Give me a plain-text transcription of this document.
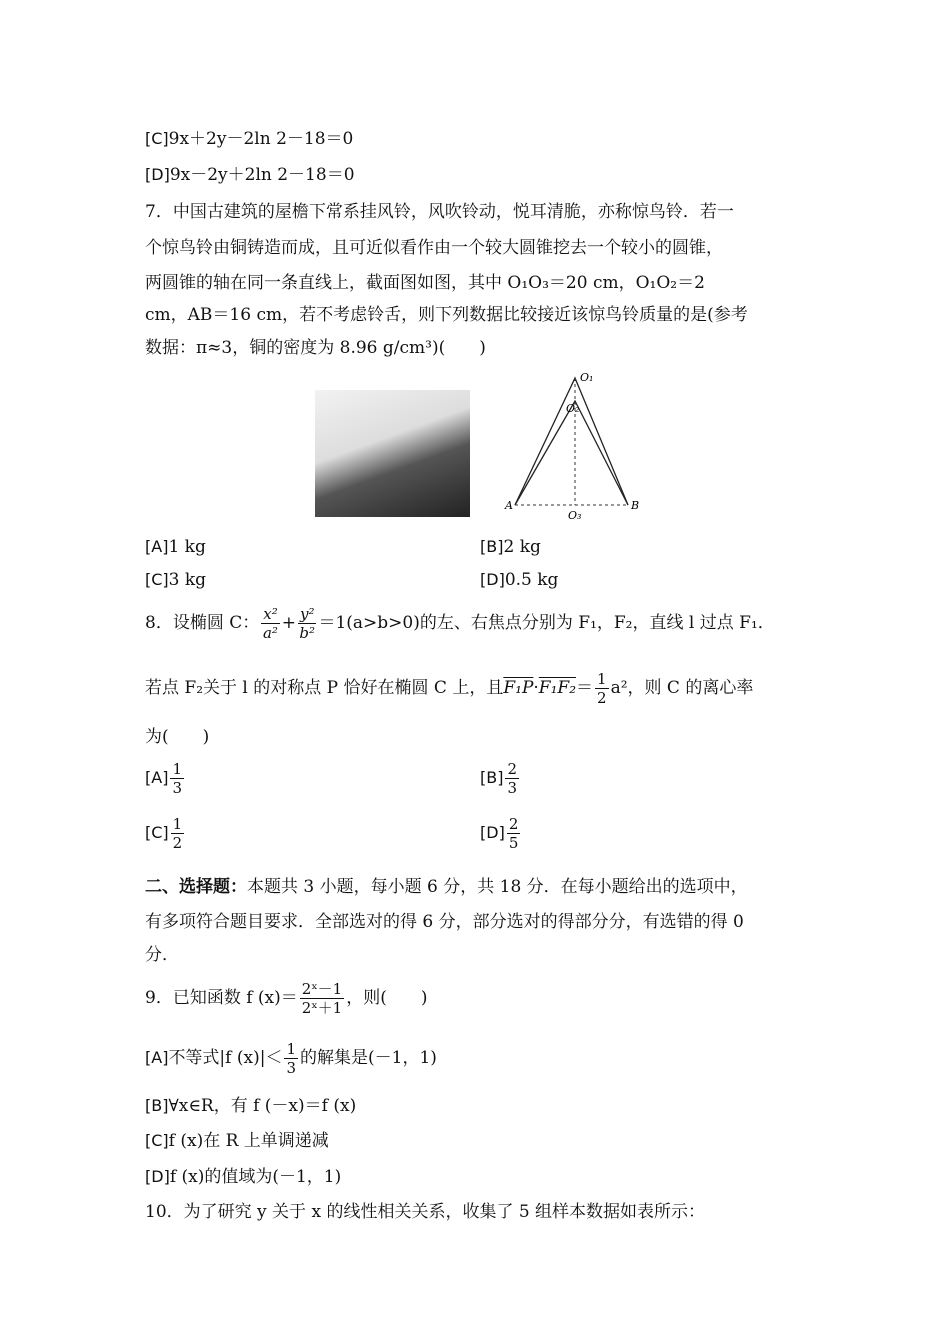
[C]9x＋2y－2ln 2－18＝0
[D]9x－2y＋2ln 2－18＝0
7．中国古建筑的屋檐下常系挂风铃，风吹铃动，悦耳清脆，亦称惊鸟铃．若一
个惊鸟铃由铜铸造而成，且可近似看作由一个较大圆锥挖去一个较小的圆锥，
两圆锥的轴在同一条直线上，截面图如图，其中 O₁O₃＝20 cm，O₁O₂＝2
cm，AB＝16 cm，若不考虑铃舌，则下列数据比较接近该惊鸟铃质量的是(参考
数据：π≈3，铜的密度为 8.96 g/cm³)(　　)
O₁
O₂
O₃
A	B
[A]1 kg	[B]2 kg
[C]3 kg	[D]0.5 kg
8．设椭圆 C： $\frac{\text{x²}}{\text{a²}} + \frac{\text{y²}}{\text{b²}} =1(a>b>0)$的左、右焦点分别为 F₁，F₂，直线 l 过点 F₁．
若点 F₂关于 l 的对称点 P 恰好在椭圆 C 上，且$F_1P\cdot F_1F_2= \frac{1}{2} a^2$，则 C 的离心率
为(　　)
$[A] \frac{1}{3}$	$[B] \frac{2}{3}$
$[C] \frac{1}{2}$	$[D] \frac{2}{5}$
二、选择题：本题共 3 小题，每小题 6 分，共 18 分．在每小题给出的选项中，
有多项符合题目要求．全部选对的得 6 分，部分选对的得部分分，有选错的得 0
分．
9．已知函数 f $(x)= \frac{\text{2ˣ－1}}{\text{2ˣ＋1}}$ ，则(　　)
[A]不等式|f $(x)|< \frac{1}{3}$ 的解集是(－1，1)
[B]∀x∈R，有 f (－x)＝f (x)
[C]f (x)在 R 上单调递减
[D]f (x)的值域为(－1，1)
10．为了研究 y 关于 x 的线性相关关系，收集了 5 组样本数据如表所示：
